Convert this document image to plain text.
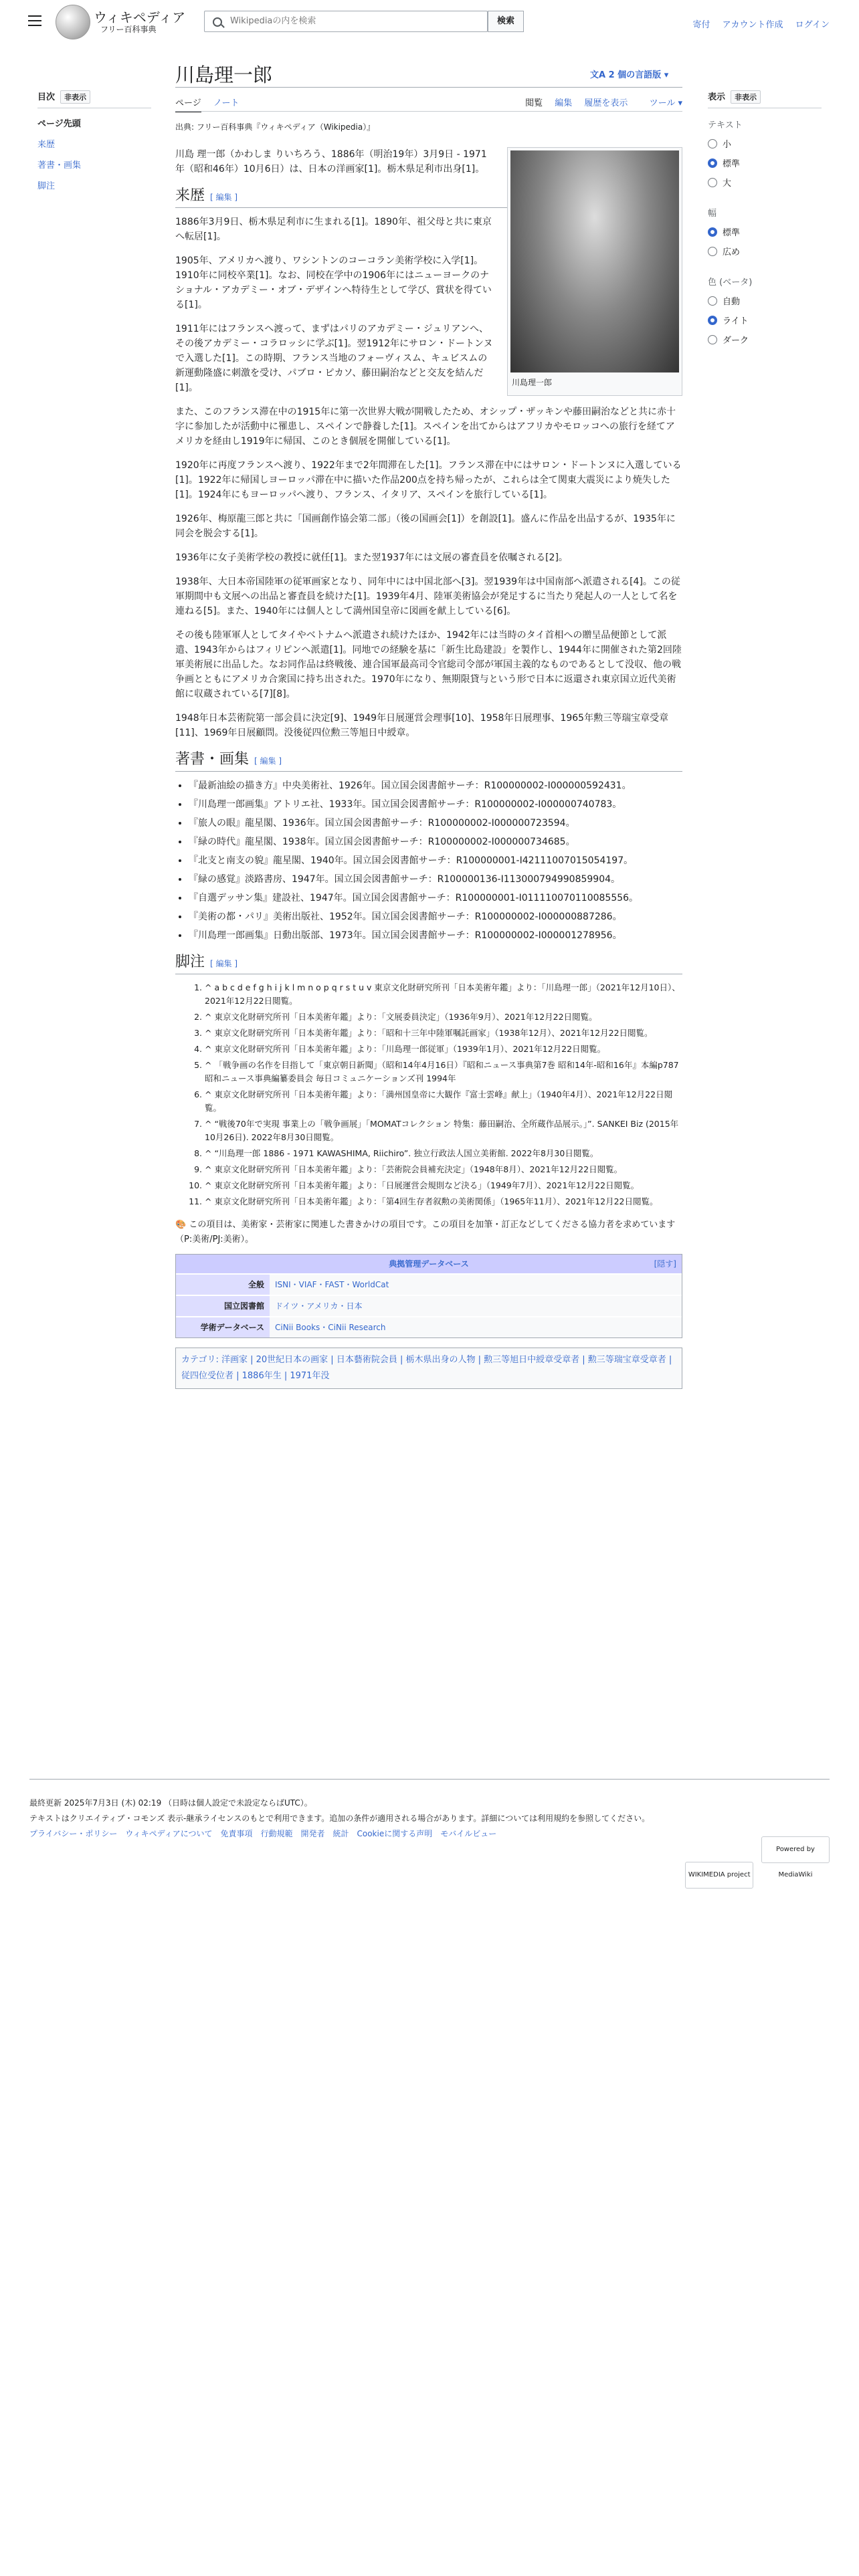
ウィキペディア
フリー百科事典
Wikipediaの内を検索
検索	寄付 アカウント作成 ログイン
目次 非表示
ページ先頭
来歴
著書・画集
脚注
川島理一郎	文A 2 個の言語版 ▾
ページ ノート	閲覧 編集 履歴を表示 ツール ▾
出典: フリー百科事典『ウィキペディア（Wikipedia）』
川島理一郎

川島 理一郎（かわしま りいちろう、1886年（明治19年）3月9日 - 1971年（昭和46年）10月6日）は、日本の洋画家[1]。栃木県足利市出身[1]。

来歴 [ 編集 ]

1886年3月9日、栃木県足利市に生まれる[1]。1890年、祖父母と共に東京へ転居[1]。

1905年、アメリカへ渡り、ワシントンのコーコラン美術学校に入学[1]。1910年に同校卒業[1]。なお、同校在学中の1906年にはニューヨークのナショナル・アカデミー・オブ・デザインへ特待生として学び、賞状を得ている[1]。

1911年にはフランスへ渡って、まずはパリのアカデミー・ジュリアンへ、その後アカデミー・コラロッシに学ぶ[1]。翌1912年にサロン・ドートンヌで入選した[1]。この時期、フランス当地のフォーヴィスム、キュビスムの新運動隆盛に刺激を受け、パブロ・ピカソ、藤田嗣治などと交友を結んだ[1]。

また、このフランス滞在中の1915年に第一次世界大戦が開戦したため、オシップ・ザッキンや藤田嗣治などと共に赤十字に参加したが活動中に罹患し、スペインで静養した[1]。スペインを出てからはアフリカやモロッコへの旅行を経てアメリカを経由し1919年に帰国、このとき個展を開催している[1]。

1920年に再度フランスへ渡り、1922年まで2年間滞在した[1]。フランス滞在中にはサロン・ドートンヌに入選している[1]。1922年に帰国しヨーロッパ滞在中に描いた作品200点を持ち帰ったが、これらは全て関東大震災により焼失した[1]。1924年にもヨーロッパへ渡り、フランス、イタリア、スペインを旅行している[1]。

1926年、梅原龍三郎と共に「国画創作協会第二部」（後の国画会[1]）を創設[1]。盛んに作品を出品するが、1935年に同会を脱会する[1]。

1936年に女子美術学校の教授に就任[1]。また翌1937年には文展の審査員を依嘱される[2]。

1938年、大日本帝国陸軍の従軍画家となり、同年中には中国北部へ[3]。翌1939年は中国南部へ派遣される[4]。この従軍期間中も文展への出品と審査員を続けた[1]。1939年4月、陸軍美術協会が発足するに当たり発起人の一人として名を連ねる[5]。また、1940年には個人として満州国皇帝に図画を献上している[6]。

その後も陸軍軍人としてタイやベトナムへ派遣され続けたほか、1942年には当時のタイ首相への贈呈品便節として派遣、1943年からはフィリピンへ派遣[1]。同地での経験を基に「新生比島建設」を製作し、1944年に開催された第2回陸軍美術展に出品した。なお同作品は終戦後、連合国軍最高司令官総司令部が軍国主義的なものであるとして没収、他の戦争画とともにアメリカ合衆国に持ち出された。1970年になり、無期限貸与という形で日本に返還され東京国立近代美術館に収蔵されている[7][8]。

1948年日本芸術院第一部会員に決定[9]、1949年日展運営会理事[10]、1958年日展理事、1965年勲三等瑞宝章受章[11]、1969年日展顧問。没後従四位勲三等旭日中綬章。

著書・画集 [ 編集 ]
• 『最新油絵の描き方』中央美術社、1926年。国立国会図書館サーチ：R100000002-I000000592431。
• 『川島理一郎画集』アトリエ社、1933年。国立国会図書館サーチ：R100000002-I000000740783。
• 『旅人の眼』龍星閣、1936年。国立国会図書館サーチ：R100000002-I000000723594。
• 『緑の時代』龍星閣、1938年。国立国会図書館サーチ：R100000002-I000000734685。
• 『北支と南支の貌』龍星閣、1940年。国立国会図書館サーチ：R100000001-I421110070150541​97。
• 『緑の感覚』淡路書房、1947年。国立国会図書館サーチ：R100000136-I113000794990859904。
• 『自選デッサン集』建設社、1947年。国立国会図書館サーチ：R100000001-I011110070110085556。
• 『美術の都・パリ』美術出版社、1952年。国立国会図書館サーチ：R100000002-I000000887286。
• 『川島理一郎画集』日動出版部、1973年。国立国会図書館サーチ：R100000002-I000001278956。
脚注 [ 編集 ]
1. ^ a b c d e f g h i j k l m n o p q r s t u v 東京文化財研究所刊「日本美術年鑑」より：「川島理一郎」（2021年12月10日）、2021年12月22日閲覧。
2. ^ 東京文化財研究所刊「日本美術年鑑」より：「文展委員決定」（1936年9月）、2021年12月22日閲覧。
3. ^ 東京文化財研究所刊「日本美術年鑑」より：「昭和十三年中陸軍嘱託画家」（1938年12月）、2021年12月22日閲覧。
4. ^ 東京文化財研究所刊「日本美術年鑑」より：「川島理一郎従軍」（1939年1月）、2021年12月22日閲覧。
5. ^ 「戦争画の名作を目指して「東京朝日新聞」（昭和14年4月16日）『昭和ニュース事典第7巻 昭和14年-昭和16年』本編p787 昭和ニュース事典編纂委員会 毎日コミュニケーションズ刊 1994年
6. ^ 東京文化財研究所刊「日本美術年鑑」より：「満州国皇帝に大観作『富士雲峰』献上」（1940年4月）、2021年12月22日閲覧。
7. ^ “戦後70年で実現 事業上の「戦争画展」「MOMATコレクション 特集：藤田嗣治、全所蔵作品展示。」”. SANKEI Biz (2015年10月26日). 2022年8月30日閲覧。
8. ^ “川島理一郎 1886 - 1971 KAWASHIMA, Riichiro”. 独立行政法人国立美術館. 2022年8月30日閲覧。
9. ^ 東京文化財研究所刊「日本美術年鑑」より：「芸術院会員補充決定」（1948年8月）、2021年12月22日閲覧。
10. ^ 東京文化財研究所刊「日本美術年鑑」より：「日展運営会規則など決る」（1949年7月）、2021年12月22日閲覧。
11. ^ 東京文化財研究所刊「日本美術年鑑」より：「第4回生存者叙勲の美術関係」（1965年11月）、2021年12月22日閲覧。
🎨 この項目は、美術家・芸術家に関連した書きかけの項目です。この項目を加筆・訂正などしてくださる協力者を求めています（P:美術/PJ:美術）。
典拠管理データベース	[隠す]
全般	ISNI・VIAF・FAST・WorldCat
国立図書館	ドイツ・アメリカ・日本
学術データベース	CiNii Books・CiNii Research
カテゴリ: 洋画家 | 20世紀日本の画家 | 日本藝術院会員 | 栃木県出身の人物 | 勲三等旭日中綬章受章者 | 勲三等瑞宝章受章者 | 従四位受位者 | 1886年生 | 1971年没
表示 非表示
テキスト
小
標準
大
幅
標準
広め
色 (ベータ)
自動
ライト
ダーク

最終更新 2025年7月3日 (木) 02:19 （日時は個人設定で未設定ならばUTC）。

テキストはクリエイティブ・コモンズ 表示-継承ライセンスのもとで利用できます。追加の条件が適用される場合があります。詳細については利用規約を参照してください。

プライバシー・ポリシー　ウィキペディアについて　免責事項　行動規範　開発者　統計　Cookieに関する声明　モバイルビュー

WIKIMEDIA project Powered by MediaWiki
